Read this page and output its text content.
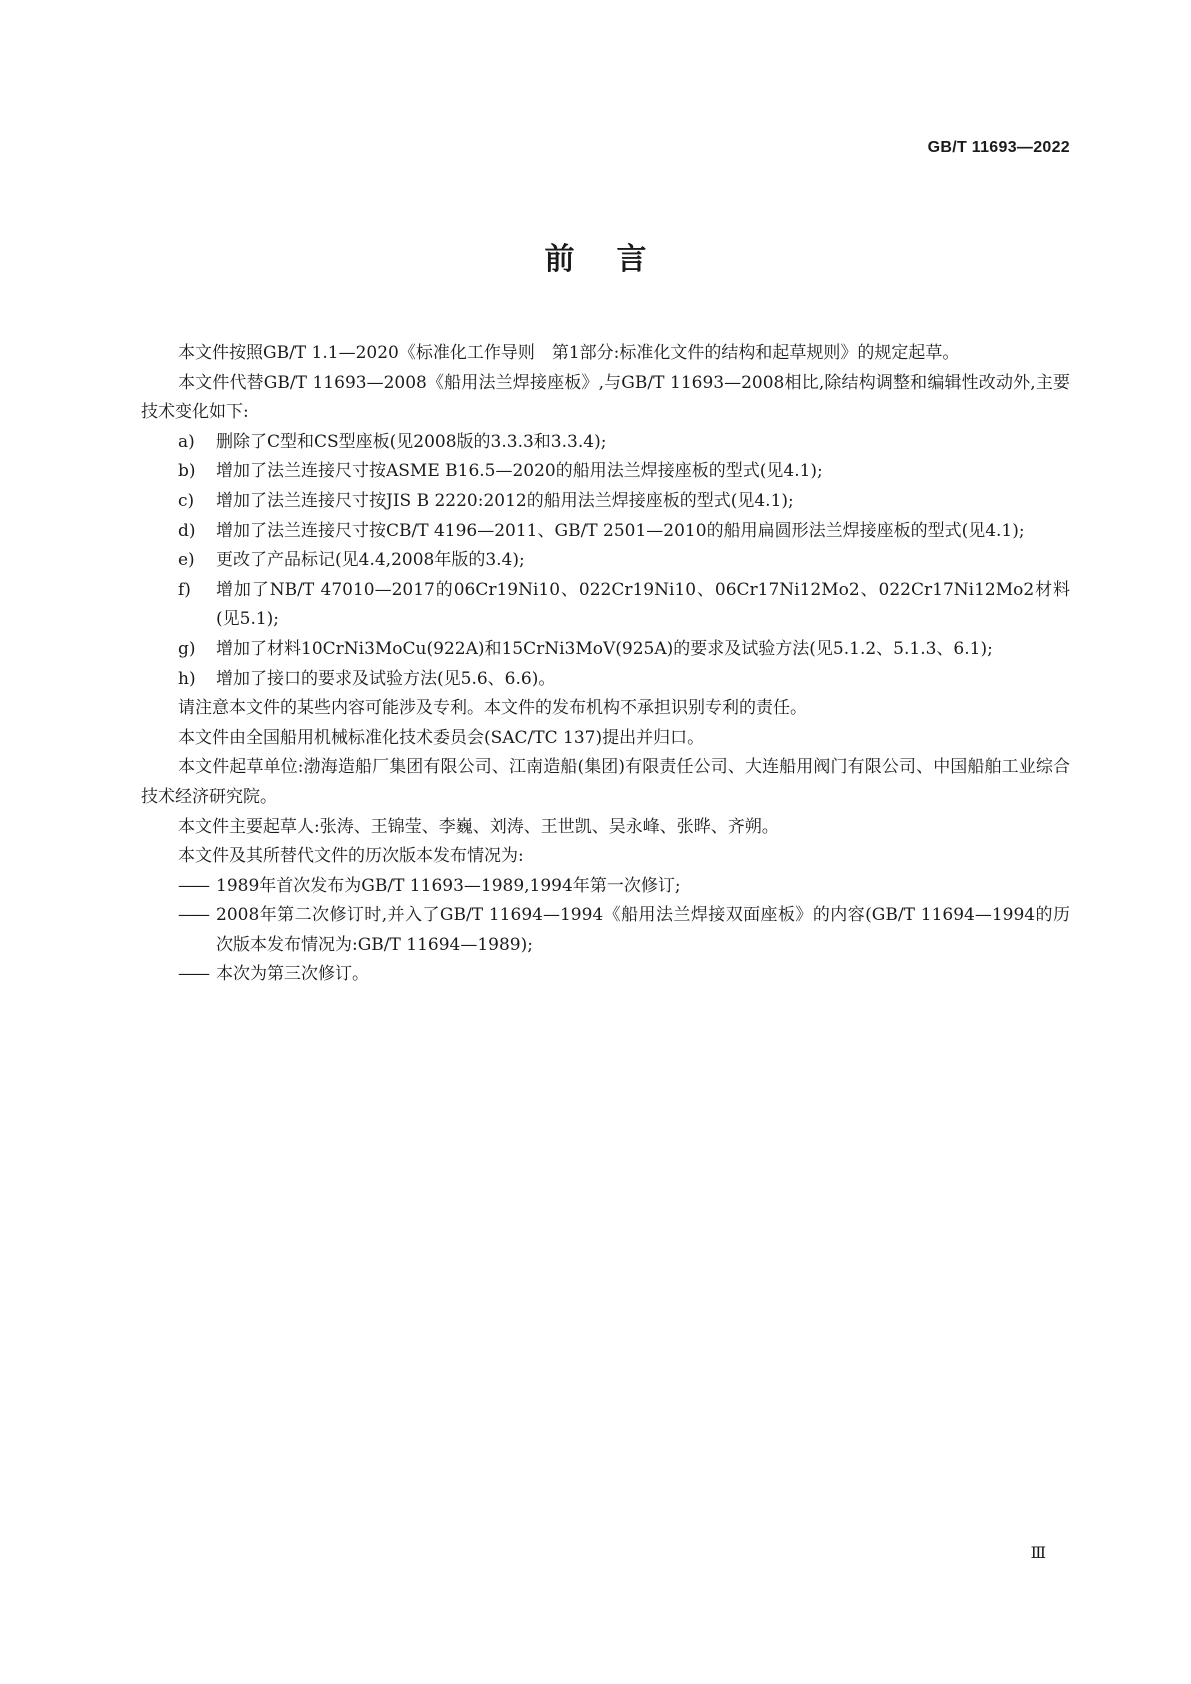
GB/T 11693—2022
前言

本文件按照GB/T 1.1—2020《标准化工作导则　第1部分:标准化文件的结构和起草规则》的规定起草。

本文件代替GB/T 11693—2008《船用法兰焊接座板》,与GB/T 11693—2008相比,除结构调整和编辑性改动外,主要技术变化如下:

a) 删除了C型和CS型座板(见2008版的3.3.3和3.3.4);

b) 增加了法兰连接尺寸按ASME B16.5—2020的船用法兰焊接座板的型式(见4.1);

c) 增加了法兰连接尺寸按JIS B 2220:2012的船用法兰焊接座板的型式(见4.1);

d) 增加了法兰连接尺寸按CB/T 4196—2011、GB/T 2501—2010的船用扁圆形法兰焊接座板的型式(见4.1);

e) 更改了产品标记(见4.4,2008年版的3.4);

f) 增加了NB/T 47010—2017的06Cr19Ni10、022Cr19Ni10、06Cr17Ni12Mo2、022Cr17Ni12Mo2材料(见5.1);

g) 增加了材料10CrNi3MoCu(922A)和15CrNi3MoV(925A)的要求及试验方法(见5.1.2、5.1.3、6.1);

h) 增加了接口的要求及试验方法(见5.6、6.6)。

请注意本文件的某些内容可能涉及专利。本文件的发布机构不承担识别专利的责任。

本文件由全国船用机械标准化技术委员会(SAC/TC 137)提出并归口。

本文件起草单位:渤海造船厂集团有限公司、江南造船(集团)有限责任公司、大连船用阀门有限公司、中国船舶工业综合技术经济研究院。

本文件主要起草人:张涛、王锦莹、李巍、刘涛、王世凯、吴永峰、张晔、齐朔。

本文件及其所替代文件的历次版本发布情况为:

—— 1989年首次发布为GB/T 11693—1989,1994年第一次修订;

—— 2008年第二次修订时,并入了GB/T 11694—1994《船用法兰焊接双面座板》的内容(GB/T 11694—1994的历次版本发布情况为:GB/T 11694—1989);

—— 本次为第三次修订。

Ⅲ
